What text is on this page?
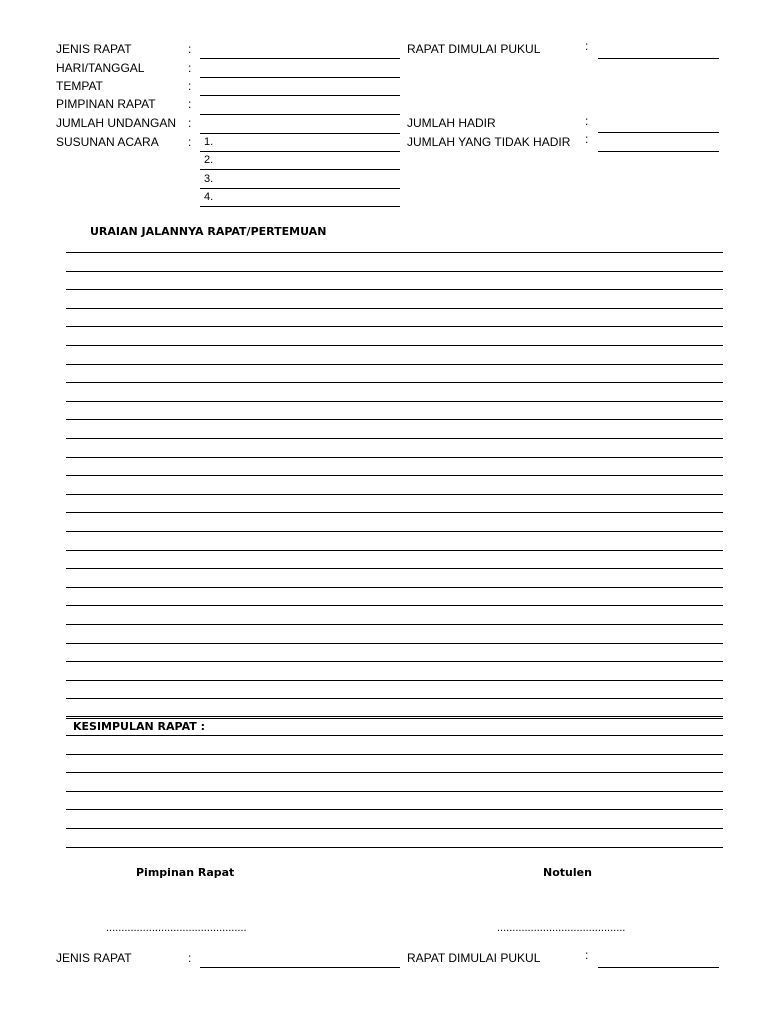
JENIS RAPAT	:
HARI/TANGGAL	:
TEMPAT	:
PIMPINAN RAPAT	:
JUMLAH UNDANGAN :
SUSUNAN ACARA : 1.
2.
3.
4.
RAPAT DIMULAI PUKUL	:
JUMLAH HADIR	:
JUMLAH YANG TIDAK HADIR :
URAIAN JALANNYA RAPAT/PERTEMUAN
KESIMPULAN RAPAT :
Pimpinan Rapat	Notulen
..............................................	..........................................
JENIS RAPAT	:	RAPAT DIMULAI PUKUL	:
